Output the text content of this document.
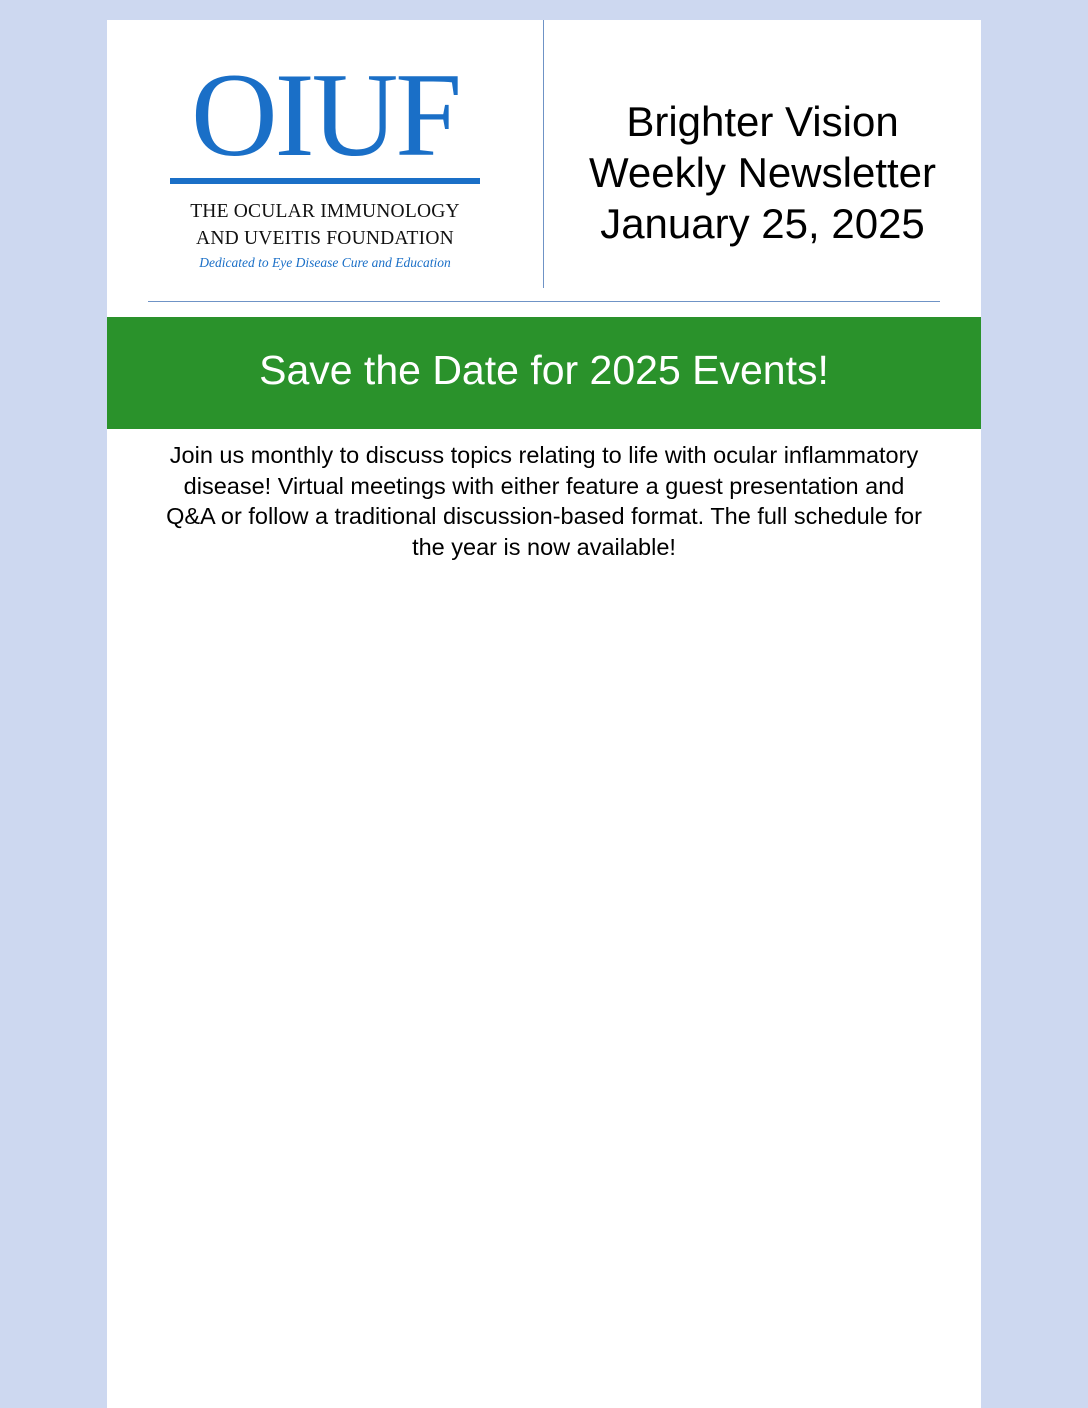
OIUF
THE OCULAR IMMUNOLOGY
AND UVEITIS FOUNDATION
Dedicated to Eye Disease Cure and Education
Brighter Vision
Weekly Newsletter
January 25, 2025
Save the Date for 2025 Events!
Join us monthly to discuss topics relating to life with ocular inflammatory disease! Virtual meetings with either feature a guest presentation and Q&A or follow a traditional discussion-based format. The full schedule for the year is now available!
